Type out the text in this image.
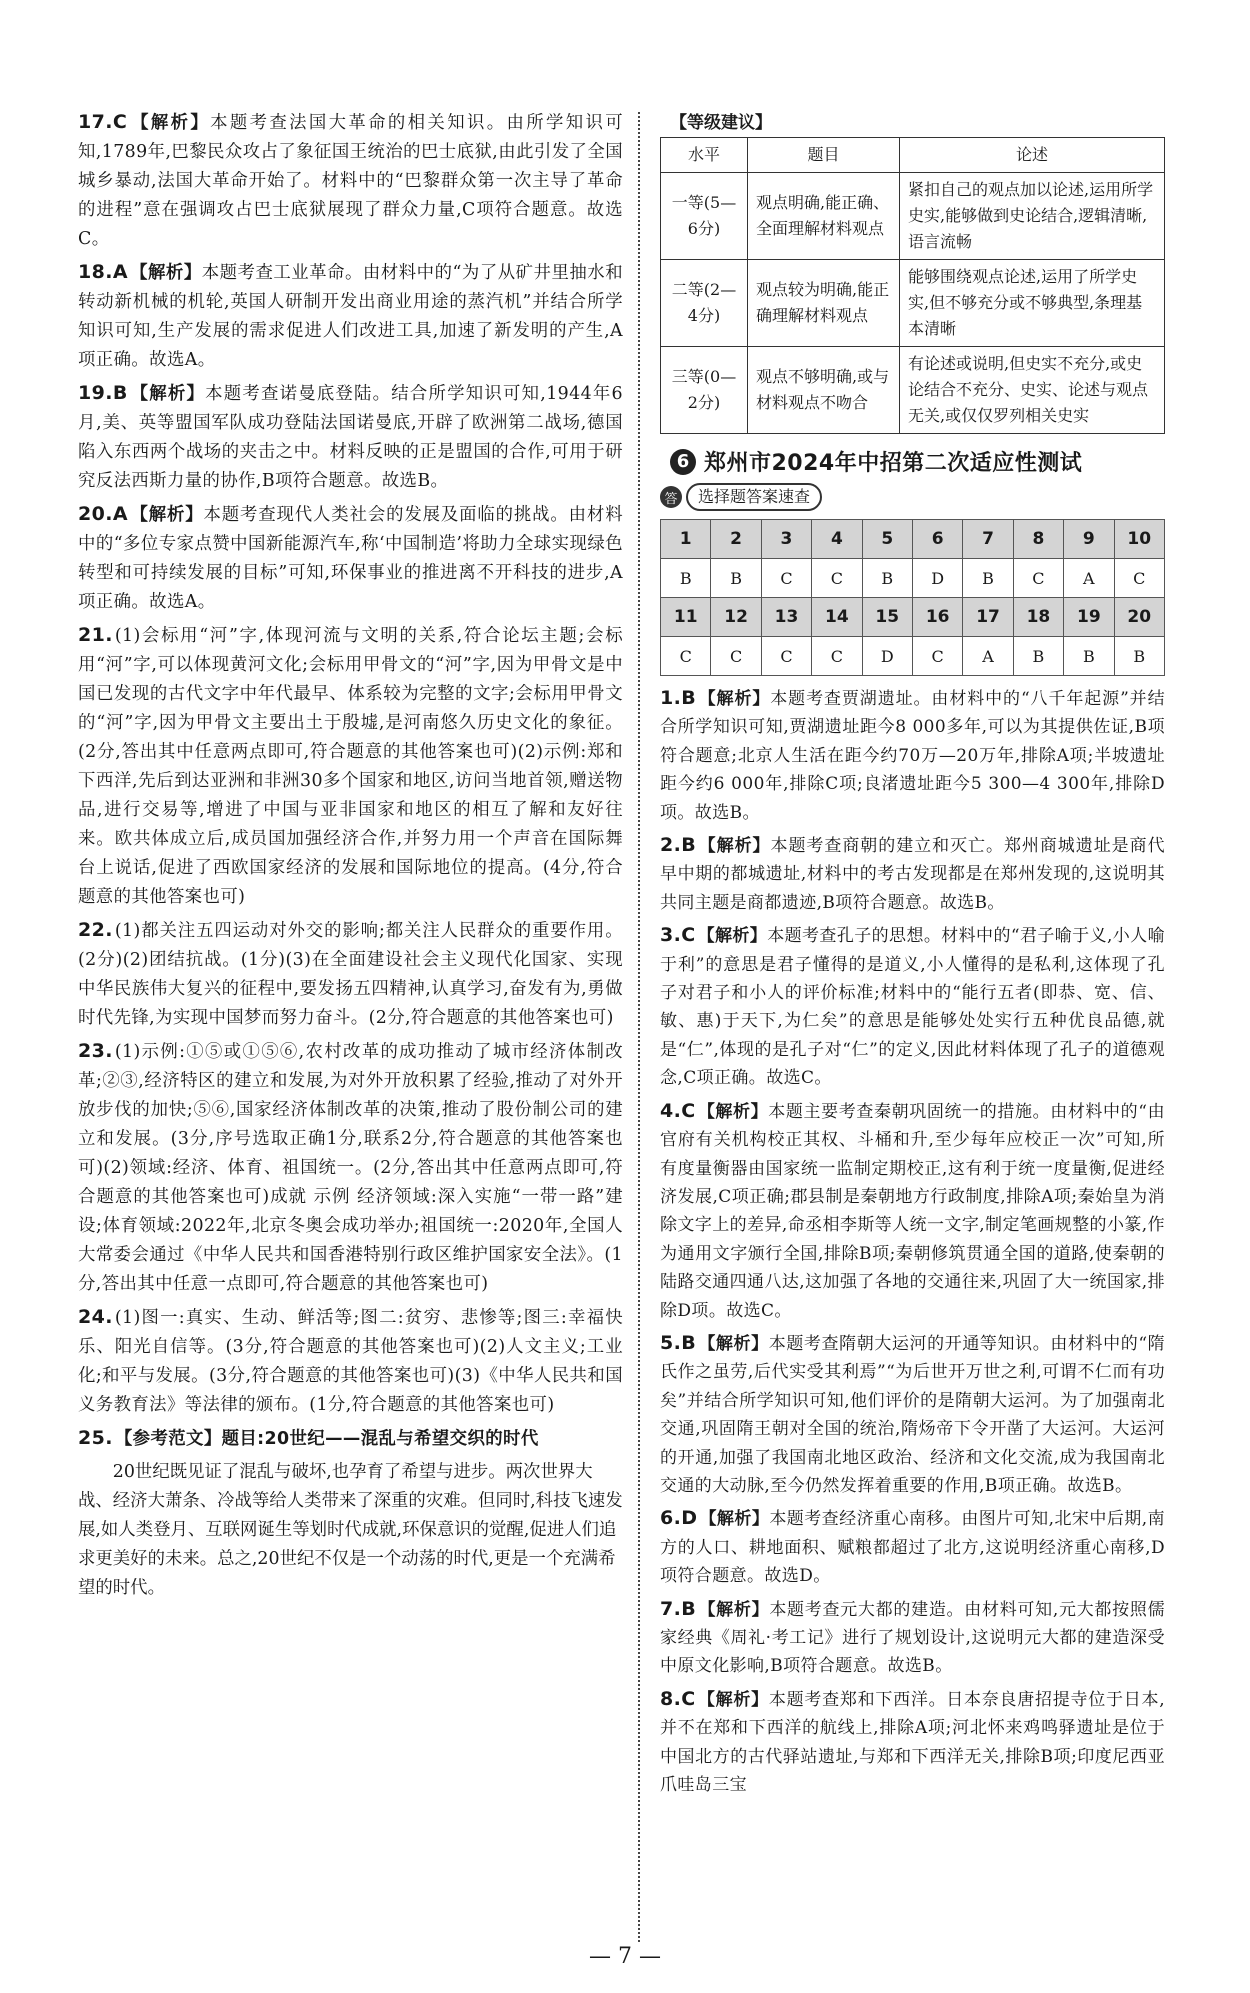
17.C 【解析】本题考查法国大革命的相关知识。由所学知识可知,1789年,巴黎民众攻占了象征国王统治的巴士底狱,由此引发了全国城乡暴动,法国大革命开始了。材料中的“巴黎群众第一次主导了革命的进程”意在强调攻占巴士底狱展现了群众力量,C项符合题意。故选C。
18.A 【解析】本题考查工业革命。由材料中的“为了从矿井里抽水和转动新机械的机轮,英国人研制开发出商业用途的蒸汽机”并结合所学知识可知,生产发展的需求促进人们改进工具,加速了新发明的产生,A项正确。故选A。
19.B 【解析】本题考查诺曼底登陆。结合所学知识可知,1944年6月,美、英等盟国军队成功登陆法国诺曼底,开辟了欧洲第二战场,德国陷入东西两个战场的夹击之中。材料反映的正是盟国的合作,可用于研究反法西斯力量的协作,B项符合题意。故选B。
20.A 【解析】本题考查现代人类社会的发展及面临的挑战。由材料中的“多位专家点赞中国新能源汽车,称‘中国制造’将助力全球实现绿色转型和可持续发展的目标”可知,环保事业的推进离不开科技的进步,A项正确。故选A。
21. (1)会标用“河”字,体现河流与文明的关系,符合论坛主题;会标用“河”字,可以体现黄河文化;会标用甲骨文的“河”字,因为甲骨文是中国已发现的古代文字中年代最早、体系较为完整的文字;会标用甲骨文的“河”字,因为甲骨文主要出土于殷墟,是河南悠久历史文化的象征。(2分,答出其中任意两点即可,符合题意的其他答案也可)(2)示例:郑和下西洋,先后到达亚洲和非洲30多个国家和地区,访问当地首领,赠送物品,进行交易等,增进了中国与亚非国家和地区的相互了解和友好往来。欧共体成立后,成员国加强经济合作,并努力用一个声音在国际舞台上说话,促进了西欧国家经济的发展和国际地位的提高。(4分,符合题意的其他答案也可)
22. (1)都关注五四运动对外交的影响;都关注人民群众的重要作用。(2分)(2)团结抗战。(1分)(3)在全面建设社会主义现代化国家、实现中华民族伟大复兴的征程中,要发扬五四精神,认真学习,奋发有为,勇做时代先锋,为实现中国梦而努力奋斗。(2分,符合题意的其他答案也可)
23. (1)示例:①⑤或①⑤⑥,农村改革的成功推动了城市经济体制改革;②③,经济特区的建立和发展,为对外开放积累了经验,推动了对外开放步伐的加快;⑤⑥,国家经济体制改革的决策,推动了股份制公司的建立和发展。(3分,序号选取正确1分,联系2分,符合题意的其他答案也可)(2)领域:经济、体育、祖国统一。(2分,答出其中任意两点即可,符合题意的其他答案也可)成就 示例 经济领域:深入实施“一带一路”建设;体育领域:2022年,北京冬奥会成功举办;祖国统一:2020年,全国人大常委会通过《中华人民共和国香港特别行政区维护国家安全法》。(1分,答出其中任意一点即可,符合题意的其他答案也可)
24. (1)图一:真实、生动、鲜活等;图二:贫穷、悲惨等;图三:幸福快乐、阳光自信等。(3分,符合题意的其他答案也可)(2)人文主义;工业化;和平与发展。(3分,符合题意的其他答案也可)(3)《中华人民共和国义务教育法》等法律的颁布。(1分,符合题意的其他答案也可)
25. 【参考范文】题目:20世纪——混乱与希望交织的时代

20世纪既见证了混乱与破坏,也孕育了希望与进步。两次世界大战、经济大萧条、冷战等给人类带来了深重的灾难。但同时,科技飞速发展,如人类登月、互联网诞生等划时代成就,环保意识的觉醒,促进人们追求更美好的未来。总之,20世纪不仅是一个动荡的时代,更是一个充满希望的时代。

【等级建议】
水平	题目	论述
一等(5—6分)	观点明确,能正确、全面理解材料观点	紧扣自己的观点加以论述,运用所学史实,能够做到史论结合,逻辑清晰,语言流畅
二等(2—4分)	观点较为明确,能正确理解材料观点	能够围绕观点论述,运用了所学史实,但不够充分或不够典型,条理基本清晰
三等(0—2分)	观点不够明确,或与材料观点不吻合	有论述或说明,但史实不充分,或史论结合不充分、史实、论述与观点无关,或仅仅罗列相关史实
6 郑州市2024年中招第二次适应性测试
答	选择题答案速查
1	2	3	4	5	6	7	8	9	10
B	B	C	C	B	D	B	C	A	C
11	12	13	14	15	16	17	18	19	20
C	C	C	C	D	C	A	B	B	B
1.B 【解析】本题考查贾湖遗址。由材料中的“八千年起源”并结合所学知识可知,贾湖遗址距今8 000多年,可以为其提供佐证,B项符合题意;北京人生活在距今约70万—20万年,排除A项;半坡遗址距今约6 000年,排除C项;良渚遗址距今5 300—4 300年,排除D项。故选B。
2.B 【解析】本题考查商朝的建立和灭亡。郑州商城遗址是商代早中期的都城遗址,材料中的考古发现都是在郑州发现的,这说明其共同主题是商都遗迹,B项符合题意。故选B。
3.C 【解析】本题考查孔子的思想。材料中的“君子喻于义,小人喻于利”的意思是君子懂得的是道义,小人懂得的是私利,这体现了孔子对君子和小人的评价标准;材料中的“能行五者(即恭、宽、信、敏、惠)于天下,为仁矣”的意思是能够处处实行五种优良品德,就是“仁”,体现的是孔子对“仁”的定义,因此材料体现了孔子的道德观念,C项正确。故选C。
4.C 【解析】本题主要考查秦朝巩固统一的措施。由材料中的“由官府有关机构校正其权、斗桶和升,至少每年应校正一次”可知,所有度量衡器由国家统一监制定期校正,这有利于统一度量衡,促进经济发展,C项正确;郡县制是秦朝地方行政制度,排除A项;秦始皇为消除文字上的差异,命丞相李斯等人统一文字,制定笔画规整的小篆,作为通用文字颁行全国,排除B项;秦朝修筑贯通全国的道路,使秦朝的陆路交通四通八达,这加强了各地的交通往来,巩固了大一统国家,排除D项。故选C。
5.B 【解析】本题考查隋朝大运河的开通等知识。由材料中的“隋氏作之虽劳,后代实受其利焉”“为后世开万世之利,可谓不仁而有功矣”并结合所学知识可知,他们评价的是隋朝大运河。为了加强南北交通,巩固隋王朝对全国的统治,隋炀帝下令开凿了大运河。大运河的开通,加强了我国南北地区政治、经济和文化交流,成为我国南北交通的大动脉,至今仍然发挥着重要的作用,B项正确。故选B。
6.D 【解析】本题考查经济重心南移。由图片可知,北宋中后期,南方的人口、耕地面积、赋粮都超过了北方,这说明经济重心南移,D项符合题意。故选D。
7.B 【解析】本题考查元大都的建造。由材料可知,元大都按照儒家经典《周礼·考工记》进行了规划设计,这说明元大都的建造深受中原文化影响,B项符合题意。故选B。
8.C 【解析】本题考查郑和下西洋。日本奈良唐招提寺位于日本,并不在郑和下西洋的航线上,排除A项;河北怀来鸡鸣驿遗址是位于中国北方的古代驿站遗址,与郑和下西洋无关,排除B项;印度尼西亚爪哇岛三宝
— 7 —
